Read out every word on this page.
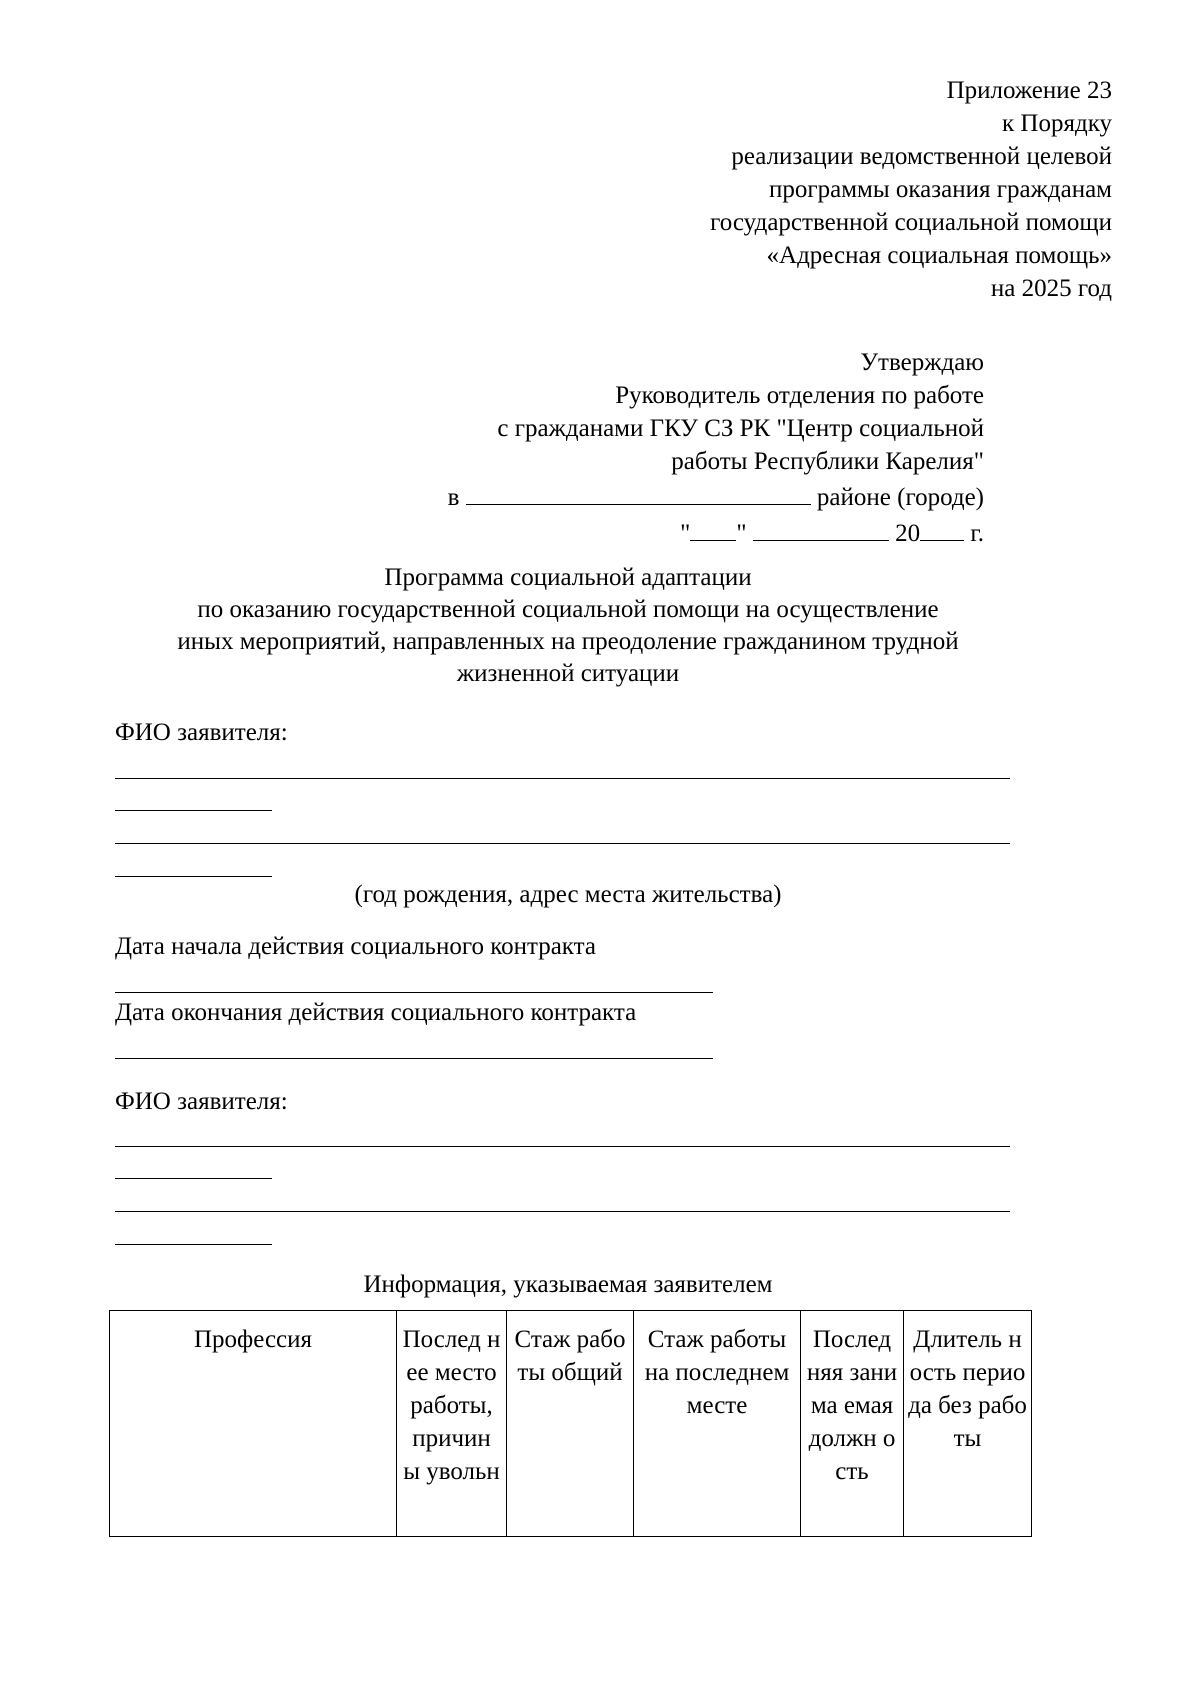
Приложение 23
к Порядку
реализации ведомственной целевой
программы оказания гражданам
государственной социальной помощи
«Адресная социальная помощь»
на 2025 год
Утверждаю
Руководитель отделения по работе
с гражданами ГКУ СЗ РК "Центр социальной
работы Республики Карелия"
в	районе (городе)
" "	20 г.
Программа социальной адаптации
по оказанию государственной социальной помощи на осуществление
иных мероприятий, направленных на преодоление гражданином трудной
жизненной ситуации
ФИО заявителя:
(год рождения, адрес места жительства)
Дата начала действия социального контракта
Дата окончания действия социального контракта
ФИО заявителя:
Информация, указываемая заявителем
Профессия	Послед нее место работы, причин ы увольн	Стаж работы общий	Стаж работы на последнем месте	Послед няя занима емая должн ость	Длитель ность периода без работы
